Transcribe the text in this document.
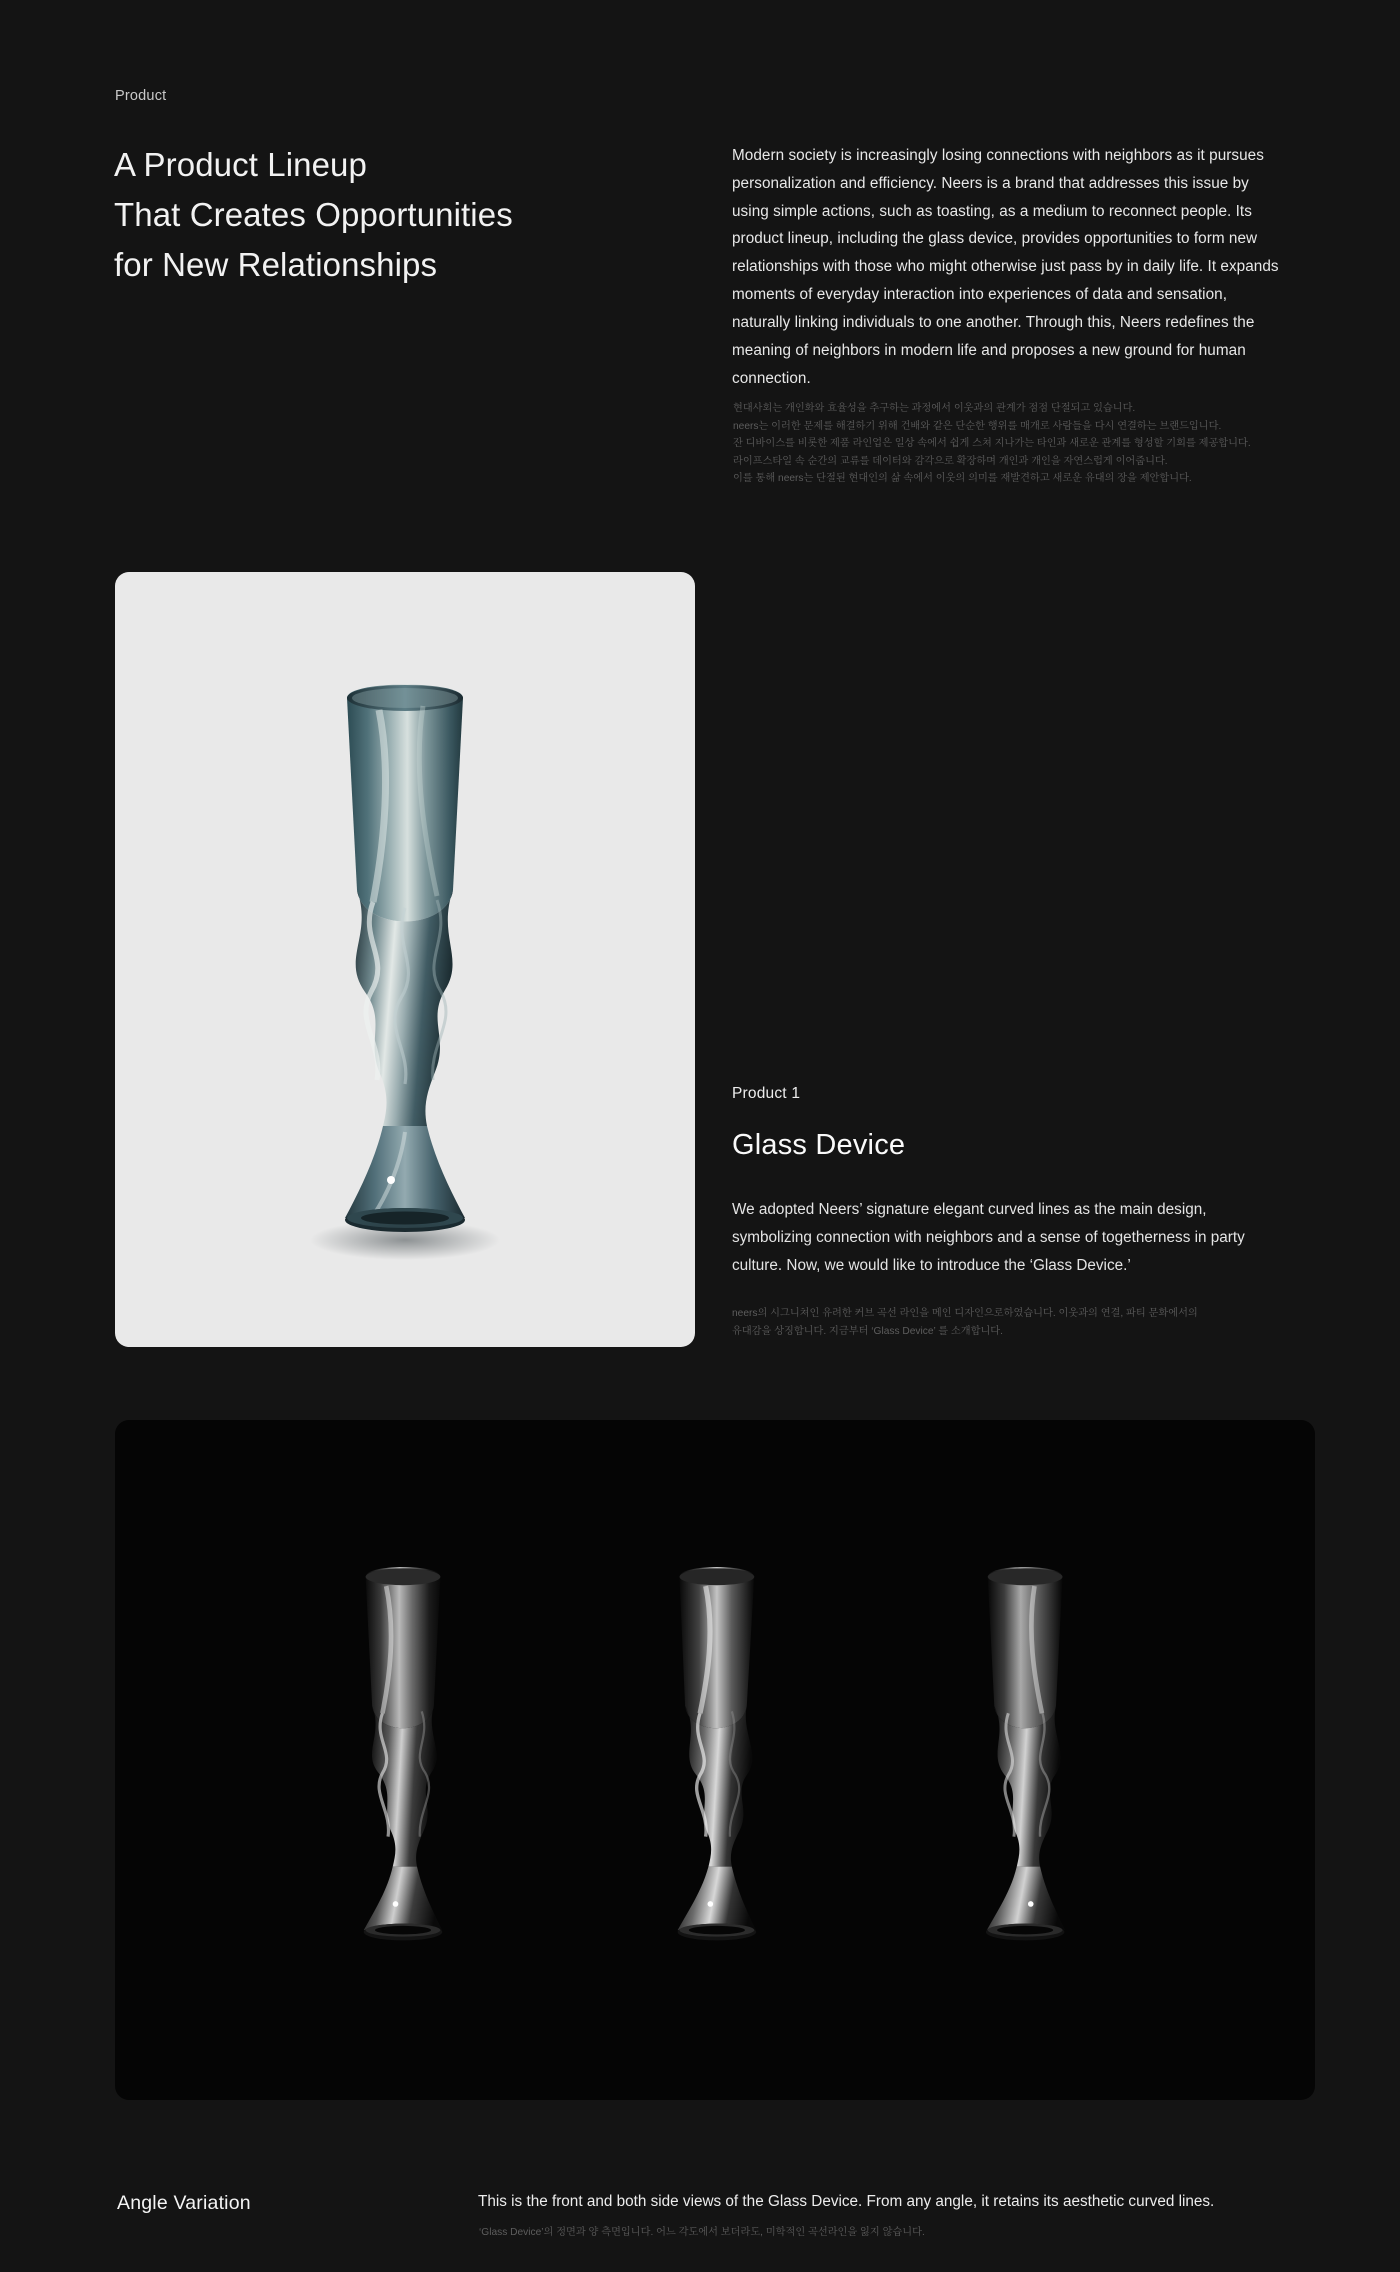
Product
A Product Lineup
That Creates Opportunities
for New Relationships
Modern society is increasingly losing connections with neighbors as it pursues personalization and efficiency. Neers is a brand that addresses this issue by using simple actions, such as toasting, as a medium to reconnect people. Its product lineup, including the glass device, provides opportunities to form new relationships with those who might otherwise just pass by in daily life. It expands moments of everyday interaction into experiences of data and sensation, naturally linking individuals to one another. Through this, Neers redefines the meaning of neighbors in modern life and proposes a new ground for human connection.

현대사회는 개인화와 효율성을 추구하는 과정에서 이웃과의 관계가 점점 단절되고 있습니다.

neers는 이러한 문제를 해결하기 위해 건배와 같은 단순한 행위를 매개로 사람들을 다시 연결하는 브랜드입니다.

잔 디바이스를 비롯한 제품 라인업은 일상 속에서 쉽게 스쳐 지나가는 타인과 새로운 관계를 형성할 기회를 제공합니다.

라이프스타일 속 순간의 교류를 데이터와 감각으로 확장하며 개인과 개인을 자연스럽게 이어줍니다.

이를 통해 neers는 단절된 현대인의 삶 속에서 이웃의 의미를 재발견하고 새로운 유대의 장을 제안합니다.

Product 1
Glass Device
We adopted Neers’ signature elegant curved lines as the main design, symbolizing connection with neighbors and a sense of togetherness in party culture. Now, we would like to introduce the ‘Glass Device.’

neers의 시그니쳐인 유려한 커브 곡선 라인을 메인 디자인으로하였습니다. 이웃과의 연결, 파티 문화에서의

유대감을 상징합니다. 지금부터 ‘Glass Device’ 를 소개합니다.

Angle Variation	This is the front and both side views of the Glass Device. From any angle, it retains its aesthetic curved lines.
‘Glass Device’의 정면과 양 측면입니다. 어느 각도에서 보더라도, 미학적인 곡선라인을 잃지 않습니다.
